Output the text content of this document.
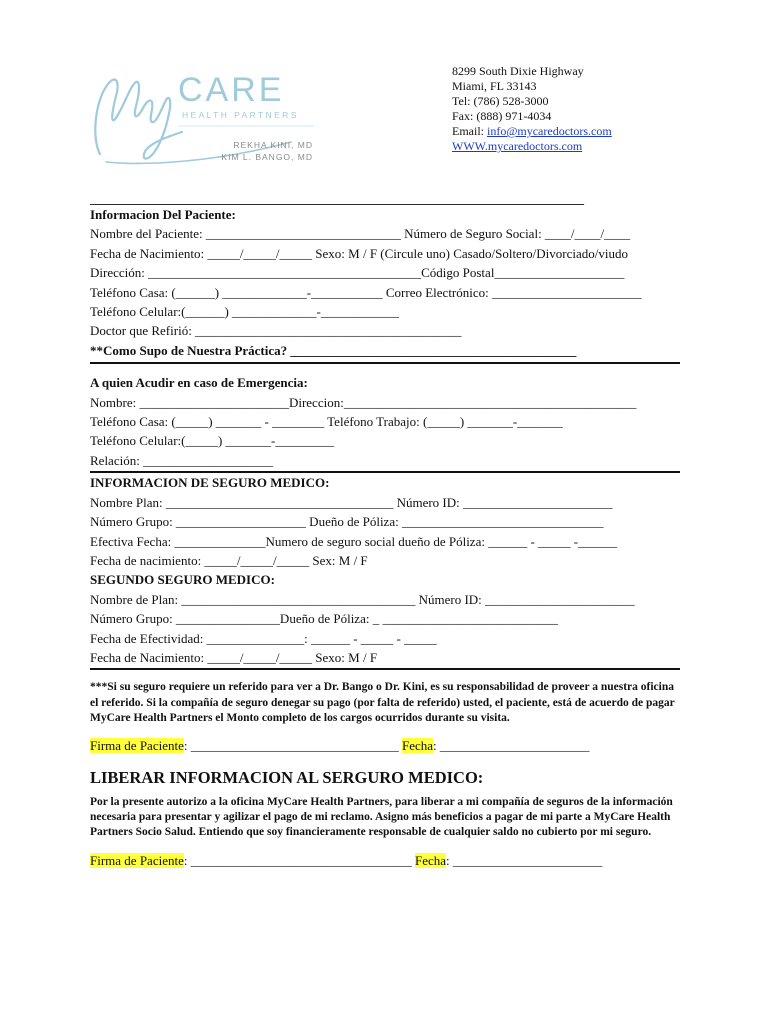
CARE
HEALTH PARTNERS
REKHA KINI, MD
KIM L. BANGO, MD
8299 South Dixie Highway
Miami, FL 33143
Tel: (786) 528-3000
Fax: (888) 971-4034
Email: info@mycaredoctors.com
WWW.mycaredoctors.com
____________________________________________________________________________
Informacion Del Paciente:
Nombre del Paciente: ______________________________ Número de Seguro Social: ____/____/____
Fecha de Nacimiento: _____/_____/_____ Sexo: M / F (Circule uno) Casado/Soltero/Divorciado/viudo
Dirección: __________________________________________Código Postal____________________
Teléfono Casa: (______) _____________-___________ Correo Electrónico: _______________________
Teléfono Celular:(______) _____________-____________
Doctor que Refirió: _________________________________________
**Como Supo de Nuestra Práctica? ____________________________________________
A quien Acudir en caso de Emergencia:
Nombre: _______________________Direccion:_____________________________________________
Teléfono Casa: (_____) _______ - ________ Teléfono Trabajo: (_____) _______-_______
Teléfono Celular:(_____) _______-_________
Relación: ____________________
INFORMACION DE SEGURO MEDICO:
Nombre Plan: ___________________________________ Número ID: _______________________
Número Grupo: ____________________ Dueño de Póliza: _______________________________
Efectiva Fecha: ______________Numero de seguro social dueño de Póliza: ______ - _____ -______
Fecha de nacimiento: _____/_____/_____ Sex: M / F
SEGUNDO SEGURO MEDICO:
Nombre de Plan: ____________________________________ Número ID: _______________________
Número Grupo: ________________Dueño de Póliza: _ ___________________________
Fecha de Efectividad: _______________: ______ - _____ - _____
Fecha de Nacimiento: _____/_____/_____ Sexo: M / F
***Si su seguro requiere un referido para ver a Dr. Bango o Dr. Kini, es su responsabilidad de proveer a nuestra oficina el referido. Si la compañía de seguro denegar su pago (por falta de referido) usted, el paciente, está de acuerdo de pagar MyCare Health Partners el Monto completo de los cargos ocurridos durante su visita.
Firma de Paciente: ________________________________ Fecha: _______________________
LIBERAR INFORMACION AL SERGURO MEDICO:
Por la presente autorizo a la oficina MyCare Health Partners, para liberar a mi compañía de seguros de la información necesaria para presentar y agilizar el pago de mi reclamo. Asigno más beneficios a pagar de mi parte a MyCare Health Partners Socio Salud. Entiendo que soy financieramente responsable de cualquier saldo no cubierto por mi seguro.
Firma de Paciente: __________________________________ Fecha: _______________________
